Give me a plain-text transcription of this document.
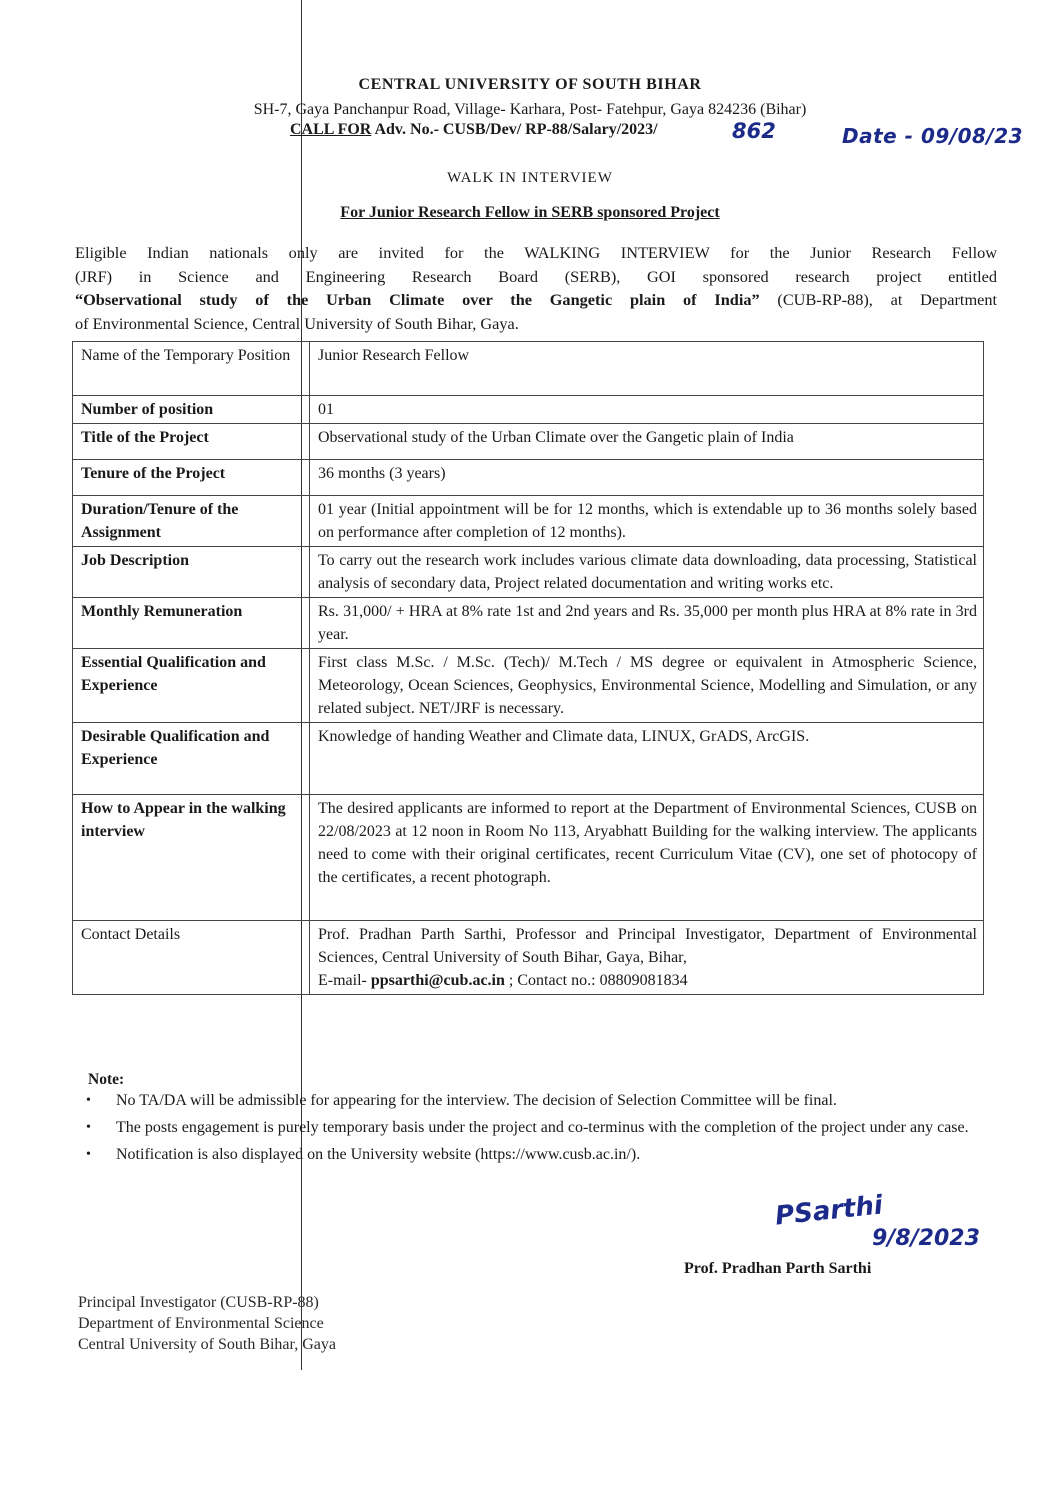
CENTRAL UNIVERSITY OF SOUTH BIHAR
SH-7, Gaya Panchanpur Road, Village- Karhara, Post- Fatehpur, Gaya 824236 (Bihar)
CALL FOR Adv. No.- CUSB/Dev/ RP-88/Salary/2023/	862	Date - 09/08/23
WALK IN INTERVIEW
For Junior Research Fellow in SERB sponsored Project
Eligible Indian nationals only are invited for the WALKING INTERVIEW for the Junior Research Fellow
(JRF) in Science and Engineering Research Board (SERB), GOI sponsored research project entitled
“Observational study of the Urban Climate over the Gangetic plain of India” (CUB-RP-88), at Department
of Environmental Science, Central University of South Bihar, Gaya.
Name of the Temporary Position	Junior Research Fellow
Number of position	01
Title of the Project	Observational study of the Urban Climate over the Gangetic plain of India
Tenure of the Project	36 months (3 years)
Duration/Tenure of the Assignment	01 year (Initial appointment will be for 12 months, which is extendable up to 36 months solely based on performance after completion of 12 months).
Job Description	To carry out the research work includes various climate data downloading, data processing, Statistical analysis of secondary data, Project related documentation and writing works etc.
Monthly Remuneration	Rs. 31,000/ + HRA at 8% rate 1st and 2nd years and Rs. 35,000 per month plus HRA at 8% rate in 3rd year.
Essential Qualification and Experience	First class M.Sc. / M.Sc. (Tech)/ M.Tech / MS degree or equivalent in Atmospheric Science, Meteorology, Ocean Sciences, Geophysics, Environmental Science, Modelling and Simulation, or any related subject. NET/JRF is necessary.
Desirable Qualification and Experience	Knowledge of handing Weather and Climate data, LINUX, GrADS, ArcGIS.
How to Appear in the walking interview	The desired applicants are informed to report at the Department of Environmental Sciences, CUSB on 22/08/2023 at 12 noon in Room No 113, Aryabhatt Building for the walking interview. The applicants need to come with their original certificates, recent Curriculum Vitae (CV), one set of photocopy of the certificates, a recent photograph.
Contact Details	Prof. Pradhan Parth Sarthi, Professor and Principal Investigator, Department of Environmental Sciences, Central University of South Bihar, Gaya, Bihar,
E-mail- ppsarthi@cub.ac.in ; Contact no.: 08809081834
Note:
• No TA/DA will be admissible for appearing for the interview. The decision of Selection Committee will be final.
• The posts engagement is purely temporary basis under the project and co-terminus with the completion of the project under any case.
• Notification is also displayed on the University website (https://www.cusb.ac.in/).
PSarthi
9/8/2023
Prof. Pradhan Parth Sarthi
Principal Investigator (CUSB-RP-88)
Department of Environmental Science
Central University of South Bihar, Gaya
